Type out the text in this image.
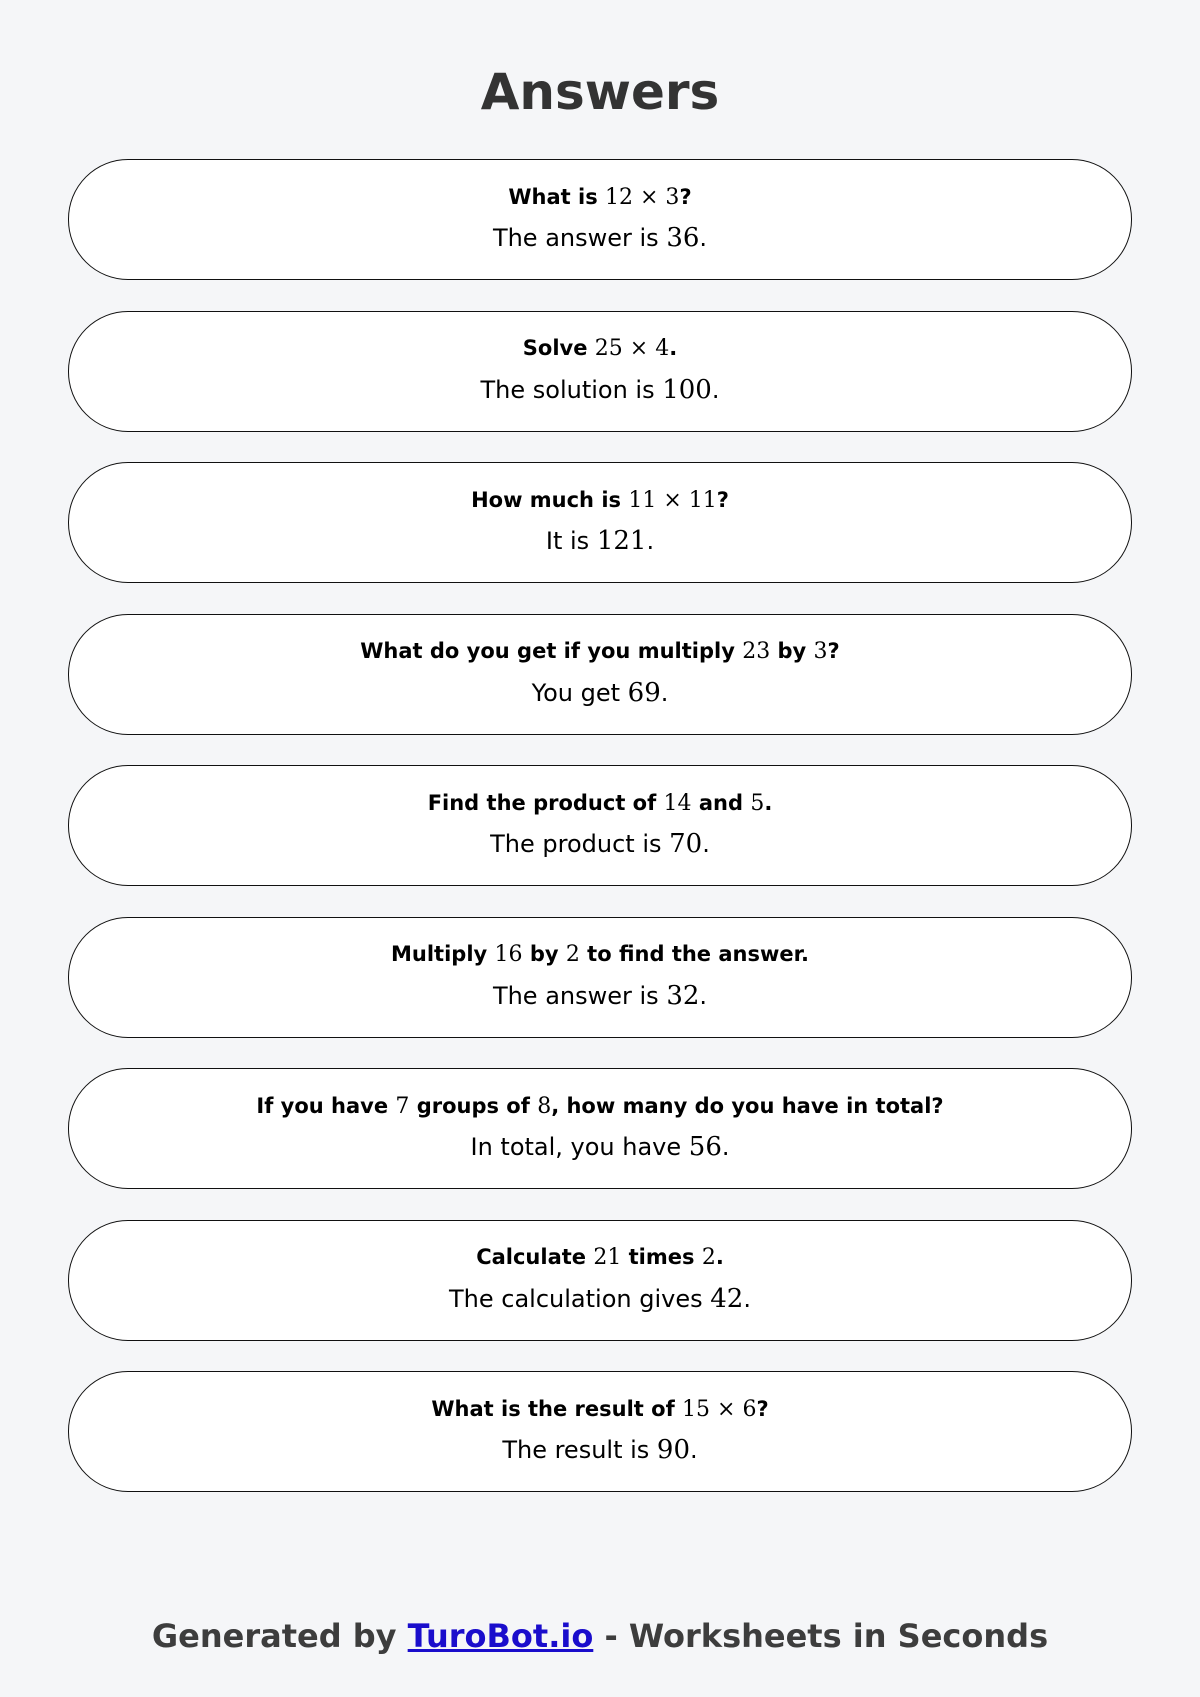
Answers
What is 12 × 3?
The answer is 36.
Solve 25 × 4.
The solution is 100.
How much is 11 × 11?
It is 121.
What do you get if you multiply 23 by 3?
You get 69.
Find the product of 14 and 5.
The product is 70.
Multiply 16 by 2 to find the answer.
The answer is 32.
If you have 7 groups of 8, how many do you have in total?
In total, you have 56.
Calculate 21 times 2.
The calculation gives 42.
What is the result of 15 × 6?
The result is 90.
Generated by TuroBot.io - Worksheets in Seconds
